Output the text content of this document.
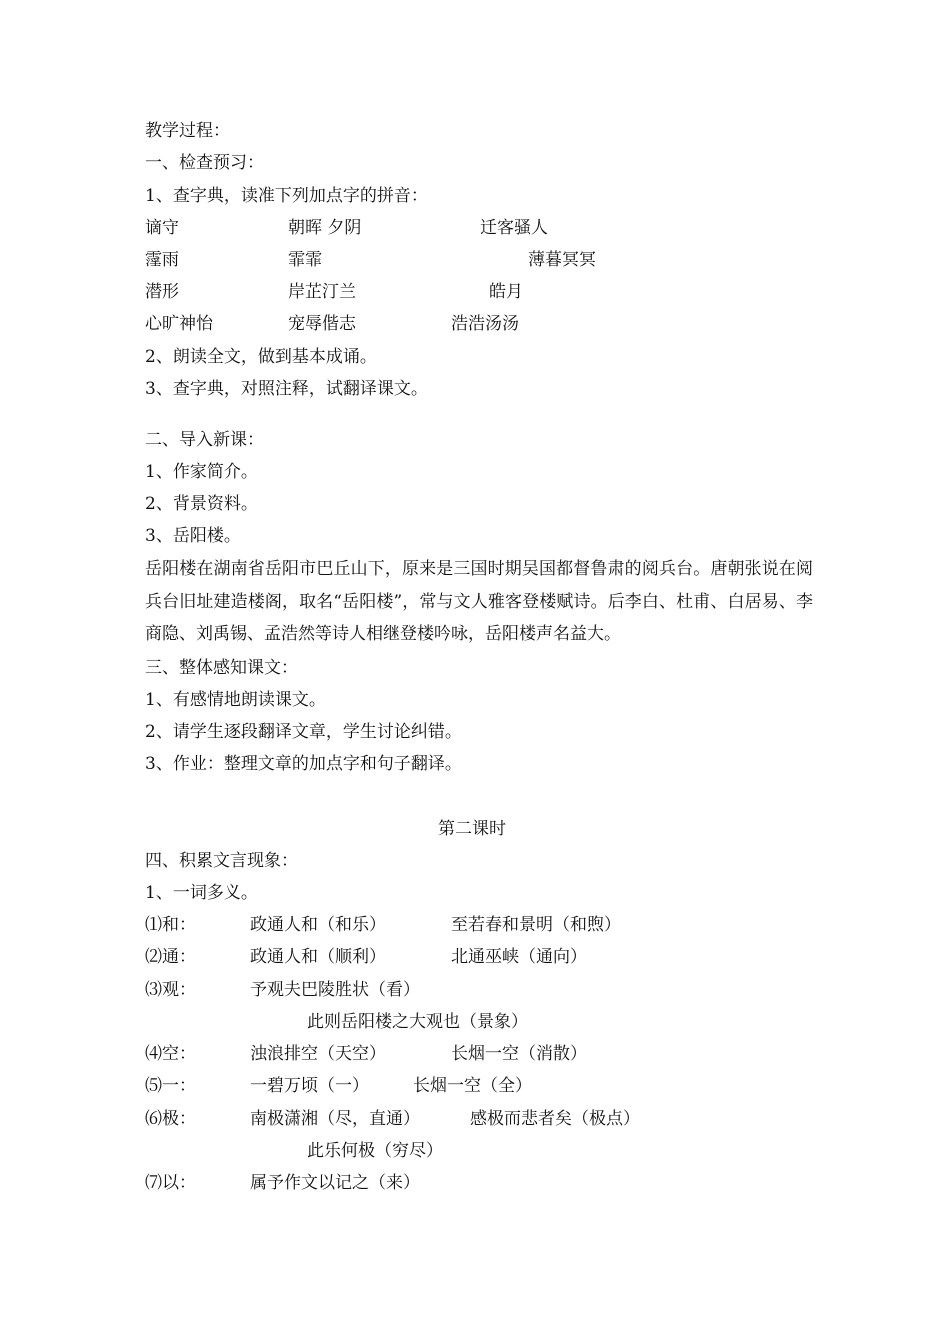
教学过程：
一、检查预习：
1、查字典，读准下列加点字的拼音：
谪守	朝晖 夕阴	迁客骚人
霪雨	霏霏	薄暮冥冥
潜形	岸芷汀兰	皓月
心旷神怡	宠辱偕志	浩浩汤汤
2、朗读全文，做到基本成诵。
3、查字典，对照注释，试翻译课文。
二、导入新课：
1、作家简介。
2、背景资料。
3、岳阳楼。
岳阳楼在湖南省岳阳市巴丘山下，原来是三国时期吴国都督鲁肃的阅兵台。唐朝张说在阅兵台旧址建造楼阁，取名“岳阳楼”，常与文人雅客登楼赋诗。后李白、杜甫、白居易、李商隐、刘禹锡、孟浩然等诗人相继登楼吟咏，岳阳楼声名益大。
三、整体感知课文：
1、有感情地朗读课文。
2、请学生逐段翻译文章，学生讨论纠错。
3、作业：整理文章的加点字和句子翻译。
第二课时
四、积累文言现象：
1、一词多义。
⑴和：	政通人和（和乐）	至若春和景明（和煦）
⑵通：	政通人和（顺利）	北通巫峡（通向）
⑶观：	予观夫巴陵胜状（看）
此则岳阳楼之大观也（景象）
⑷空：	浊浪排空（天空）	长烟一空（消散）
⑸一：	一碧万顷（一）	长烟一空（全）
⑹极：	南极潇湘（尽，直通）	感极而悲者矣（极点）
此乐何极（穷尽）
⑺以：	属予作文以记之（来）
